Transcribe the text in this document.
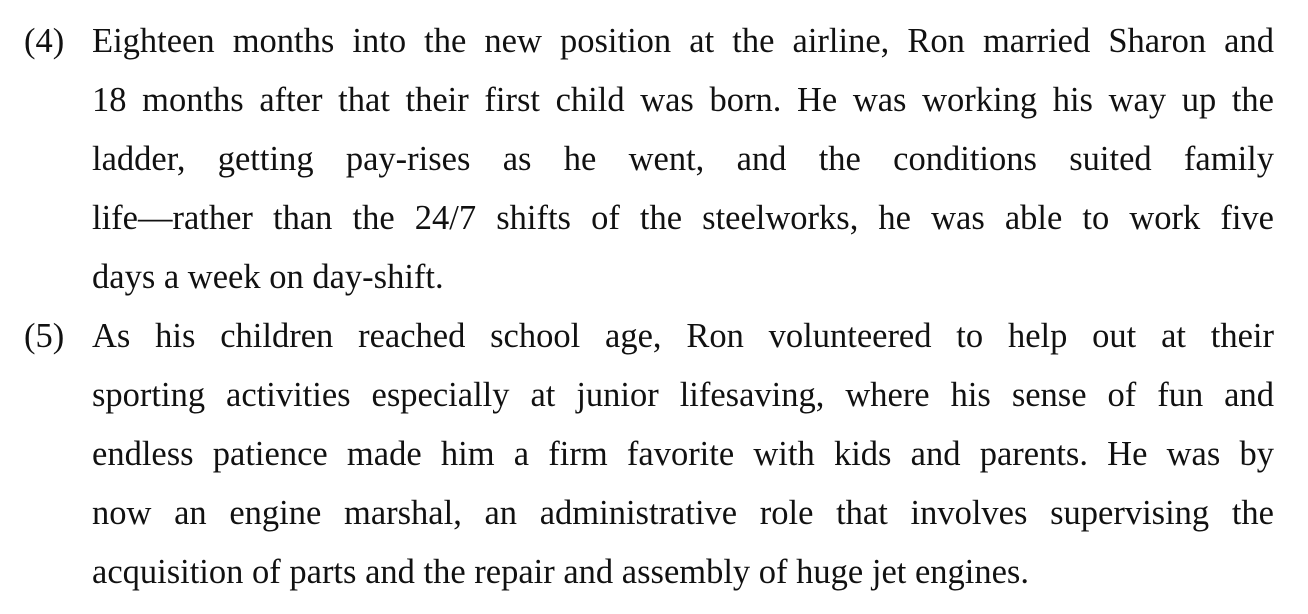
(4) Eighteen months into the new position at the airline, Ron married Sharon and
18 months after that their first child was born. He was working his way up the
ladder, getting pay-rises as he went, and the conditions suited family
life—rather than the 24/7 shifts of the steelworks, he was able to work five
days a week on day-shift.
(5) As his children reached school age, Ron volunteered to help out at their
sporting activities especially at junior lifesaving, where his sense of fun and
endless patience made him a firm favorite with kids and parents. He was by
now an engine marshal, an administrative role that involves supervising the
acquisition of parts and the repair and assembly of huge jet engines.
